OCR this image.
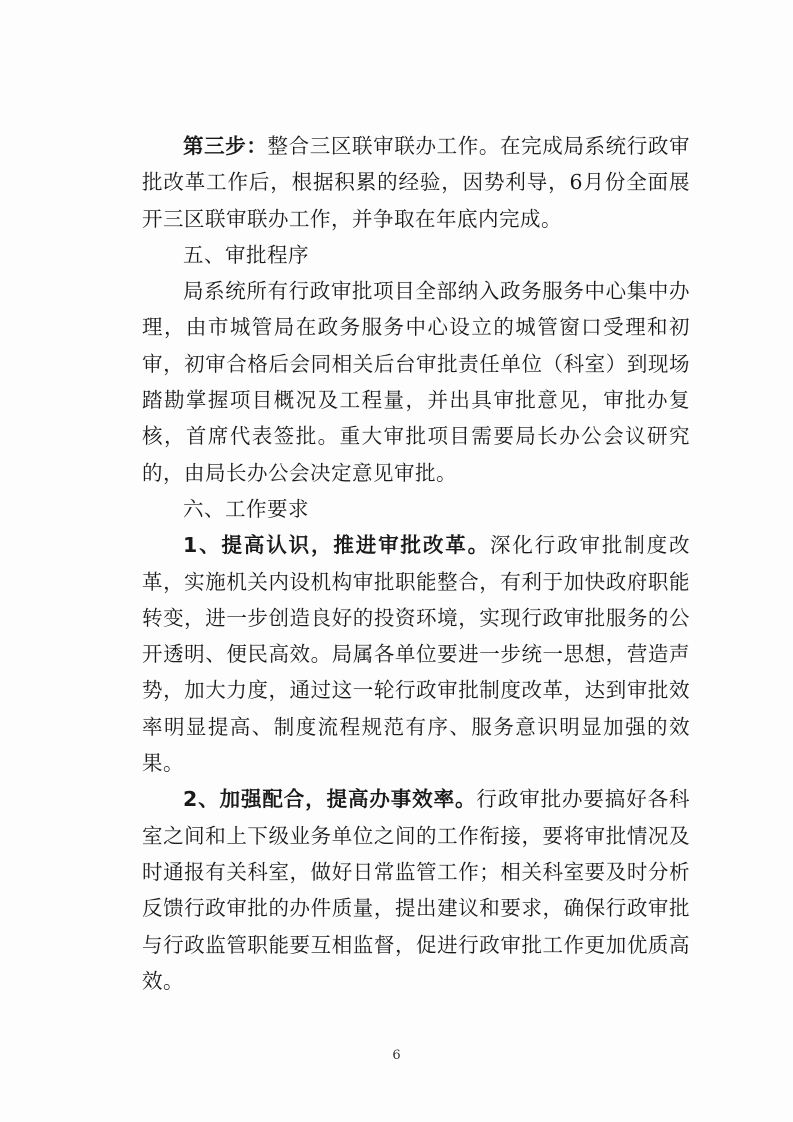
第三步：整合三区联审联办工作。在完成局系统行政审批改革工作后，根据积累的经验，因势利导，6月份全面展开三区联审联办工作，并争取在年底内完成。

五、审批程序

局系统所有行政审批项目全部纳入政务服务中心集中办理，由市城管局在政务服务中心设立的城管窗口受理和初审，初审合格后会同相关后台审批责任单位（科室）到现场踏勘掌握项目概况及工程量，并出具审批意见，审批办复核，首席代表签批。重大审批项目需要局长办公会议研究的，由局长办公会决定意见审批。

六、工作要求

1、提高认识，推进审批改革。深化行政审批制度改革，实施机关内设机构审批职能整合，有利于加快政府职能转变，进一步创造良好的投资环境，实现行政审批服务的公开透明、便民高效。局属各单位要进一步统一思想，营造声势，加大力度，通过这一轮行政审批制度改革，达到审批效率明显提高、制度流程规范有序、服务意识明显加强的效果。

2、加强配合，提高办事效率。行政审批办要搞好各科室之间和上下级业务单位之间的工作衔接，要将审批情况及时通报有关科室，做好日常监管工作；相关科室要及时分析反馈行政审批的办件质量，提出建议和要求，确保行政审批与行政监管职能要互相监督，促进行政审批工作更加优质高效。

6
